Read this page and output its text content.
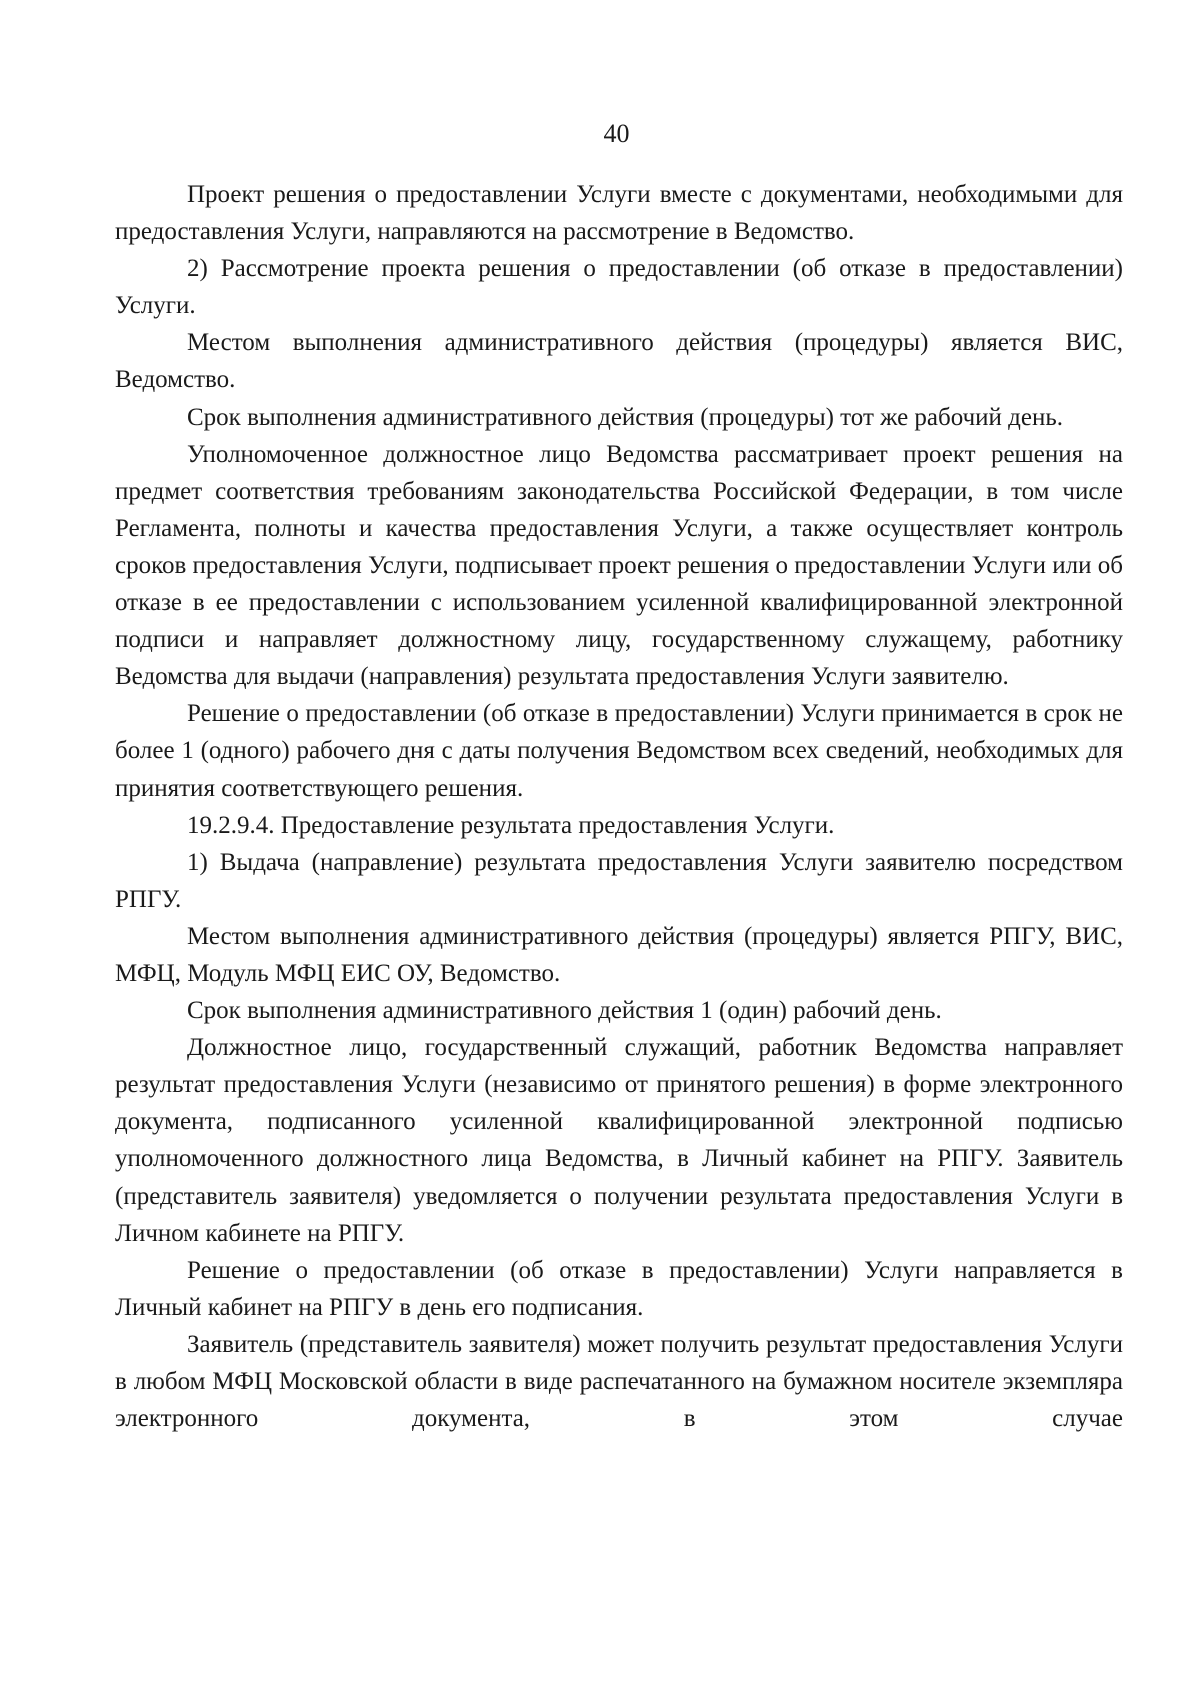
40

Проект решения о предоставлении Услуги вместе с документами, необходимыми для предоставления Услуги, направляются на рассмотрение в Ведомство.

2) Рассмотрение проекта решения о предоставлении (об отказе в предоставлении) Услуги.

Местом выполнения административного действия (процедуры) является ВИС, Ведомство.

Срок выполнения административного действия (процедуры) тот же рабочий день.

Уполномоченное должностное лицо Ведомства рассматривает проект решения на предмет соответствия требованиям законодательства Российской Федерации, в том числе Регламента, полноты и качества предоставления Услуги, а также осуществляет контроль сроков предоставления Услуги, подписывает проект решения о предоставлении Услуги или об отказе в ее предоставлении с использованием усиленной квалифицированной электронной подписи и направляет должностному лицу, государственному служащему, работнику Ведомства для выдачи (направления) результата предоставления Услуги заявителю.

Решение о предоставлении (об отказе в предоставлении) Услуги принимается в срок не более 1 (одного) рабочего дня с даты получения Ведомством всех сведений, необходимых для принятия соответствующего решения.

19.2.9.4. Предоставление результата предоставления Услуги.

1) Выдача (направление) результата предоставления Услуги заявителю посредством РПГУ.

Местом выполнения административного действия (процедуры) является РПГУ, ВИС, МФЦ, Модуль МФЦ ЕИС ОУ, Ведомство.

Срок выполнения административного действия 1 (один) рабочий день.

Должностное лицо, государственный служащий, работник Ведомства направляет результат предоставления Услуги (независимо от принятого решения) в форме электронного документа, подписанного усиленной квалифицированной электронной подписью уполномоченного должностного лица Ведомства, в Личный кабинет на РПГУ. Заявитель (представитель заявителя) уведомляется о получении результата предоставления Услуги в Личном кабинете на РПГУ.

Решение о предоставлении (об отказе в предоставлении) Услуги направляется в Личный кабинет на РПГУ в день его подписания.

Заявитель (представитель заявителя) может получить результат предоставления Услуги в любом МФЦ Московской области в виде распечатанного на бумажном носителе экземпляра электронного документа, в этом случае
